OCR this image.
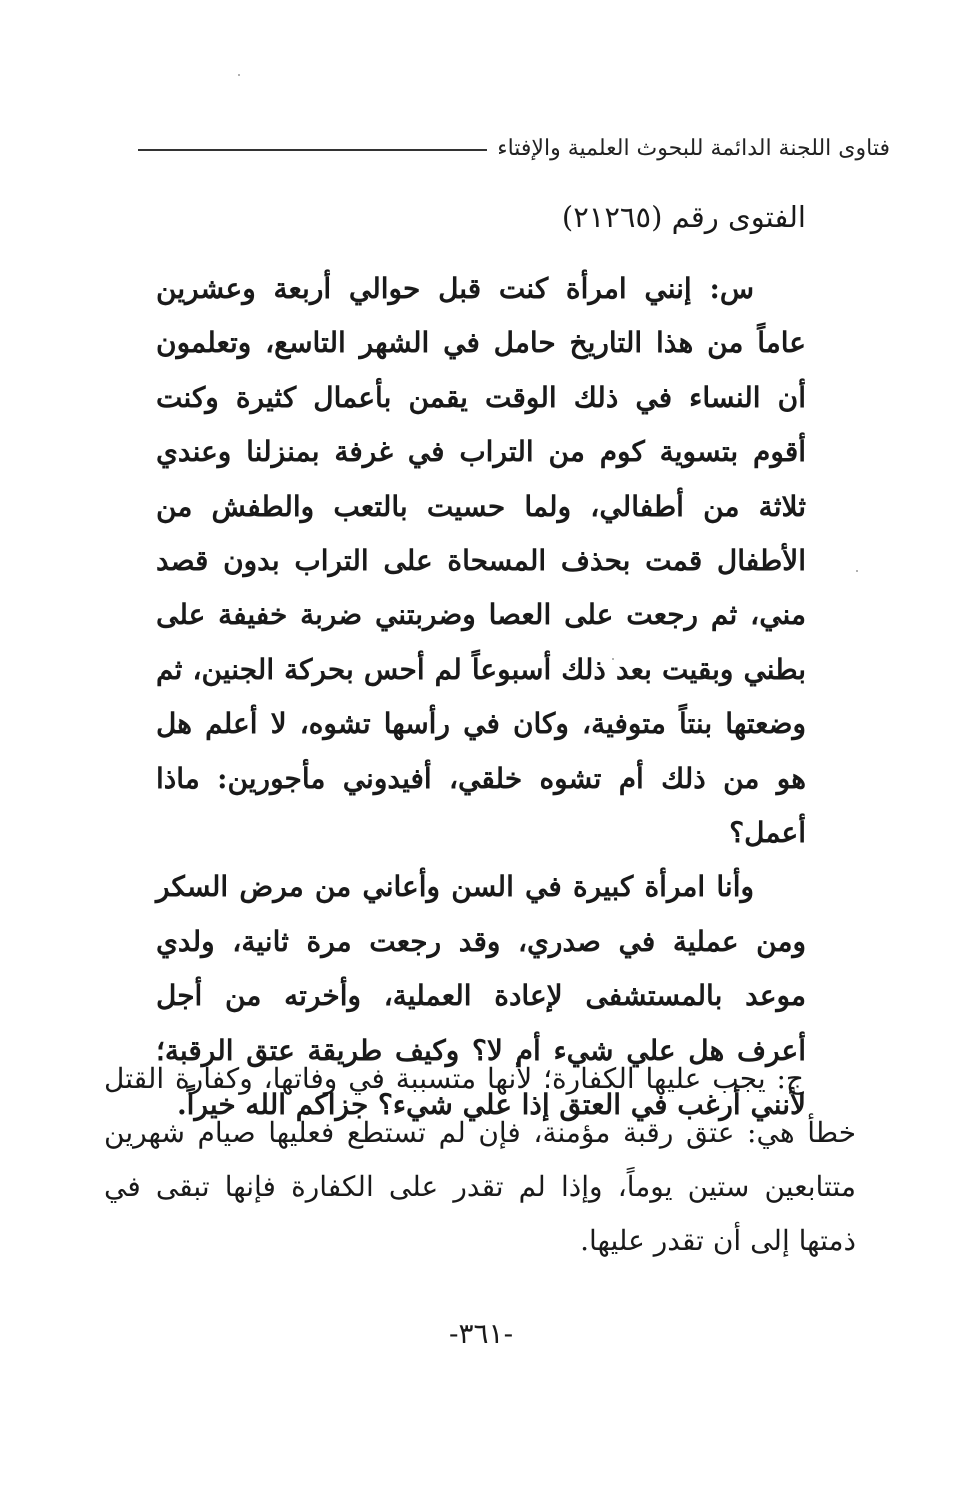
فتاوى اللجنة الدائمة للبحوث العلمية والإفتاء
الفتوى رقم (٢١٢٦٥)

س: إنني امرأة كنت قبل حوالي أربعة وعشرين عاماً من هذا التاريخ حامل في الشهر التاسع، وتعلمون أن النساء في ذلك الوقت يقمن بأعمال كثيرة وكنت أقوم بتسوية كوم من التراب في غرفة بمنزلنا وعندي ثلاثة من أطفالي، ولما حسيت بالتعب والطفش من الأطفال قمت بحذف المسحاة على التراب بدون قصد مني، ثم رجعت على العصا وضربتني ضربة خفيفة على بطني وبقيت بعد ذلك أسبوعاً لم أحس بحركة الجنين، ثم وضعتها بنتاً متوفية، وكان في رأسها تشوه، لا أعلم هل هو من ذلك أم تشوه خلقي، أفيدوني مأجورين: ماذا أعمل؟

وأنا امرأة كبيرة في السن وأعاني من مرض السكر ومن عملية في صدري، وقد رجعت مرة ثانية، ولدي موعد بالمستشفى لإعادة العملية، وأخرته من أجل أعرف هل علي شيء أم لا؟ وكيف طريقة عتق الرقبة؛ لأنني أرغب في العتق إذا علي شيء؟ جزاكم الله خيراً.

ج: يجب عليها الكفارة؛ لأنها متسببة في وفاتها، وكفارة القتل خطأ هي: عتق رقبة مؤمنة، فإن لم تستطع فعليها صيام شهرين متتابعين ستين يوماً، وإذا لم تقدر على الكفارة فإنها تبقى في ذمتها إلى أن تقدر عليها.

-٣٦١-
